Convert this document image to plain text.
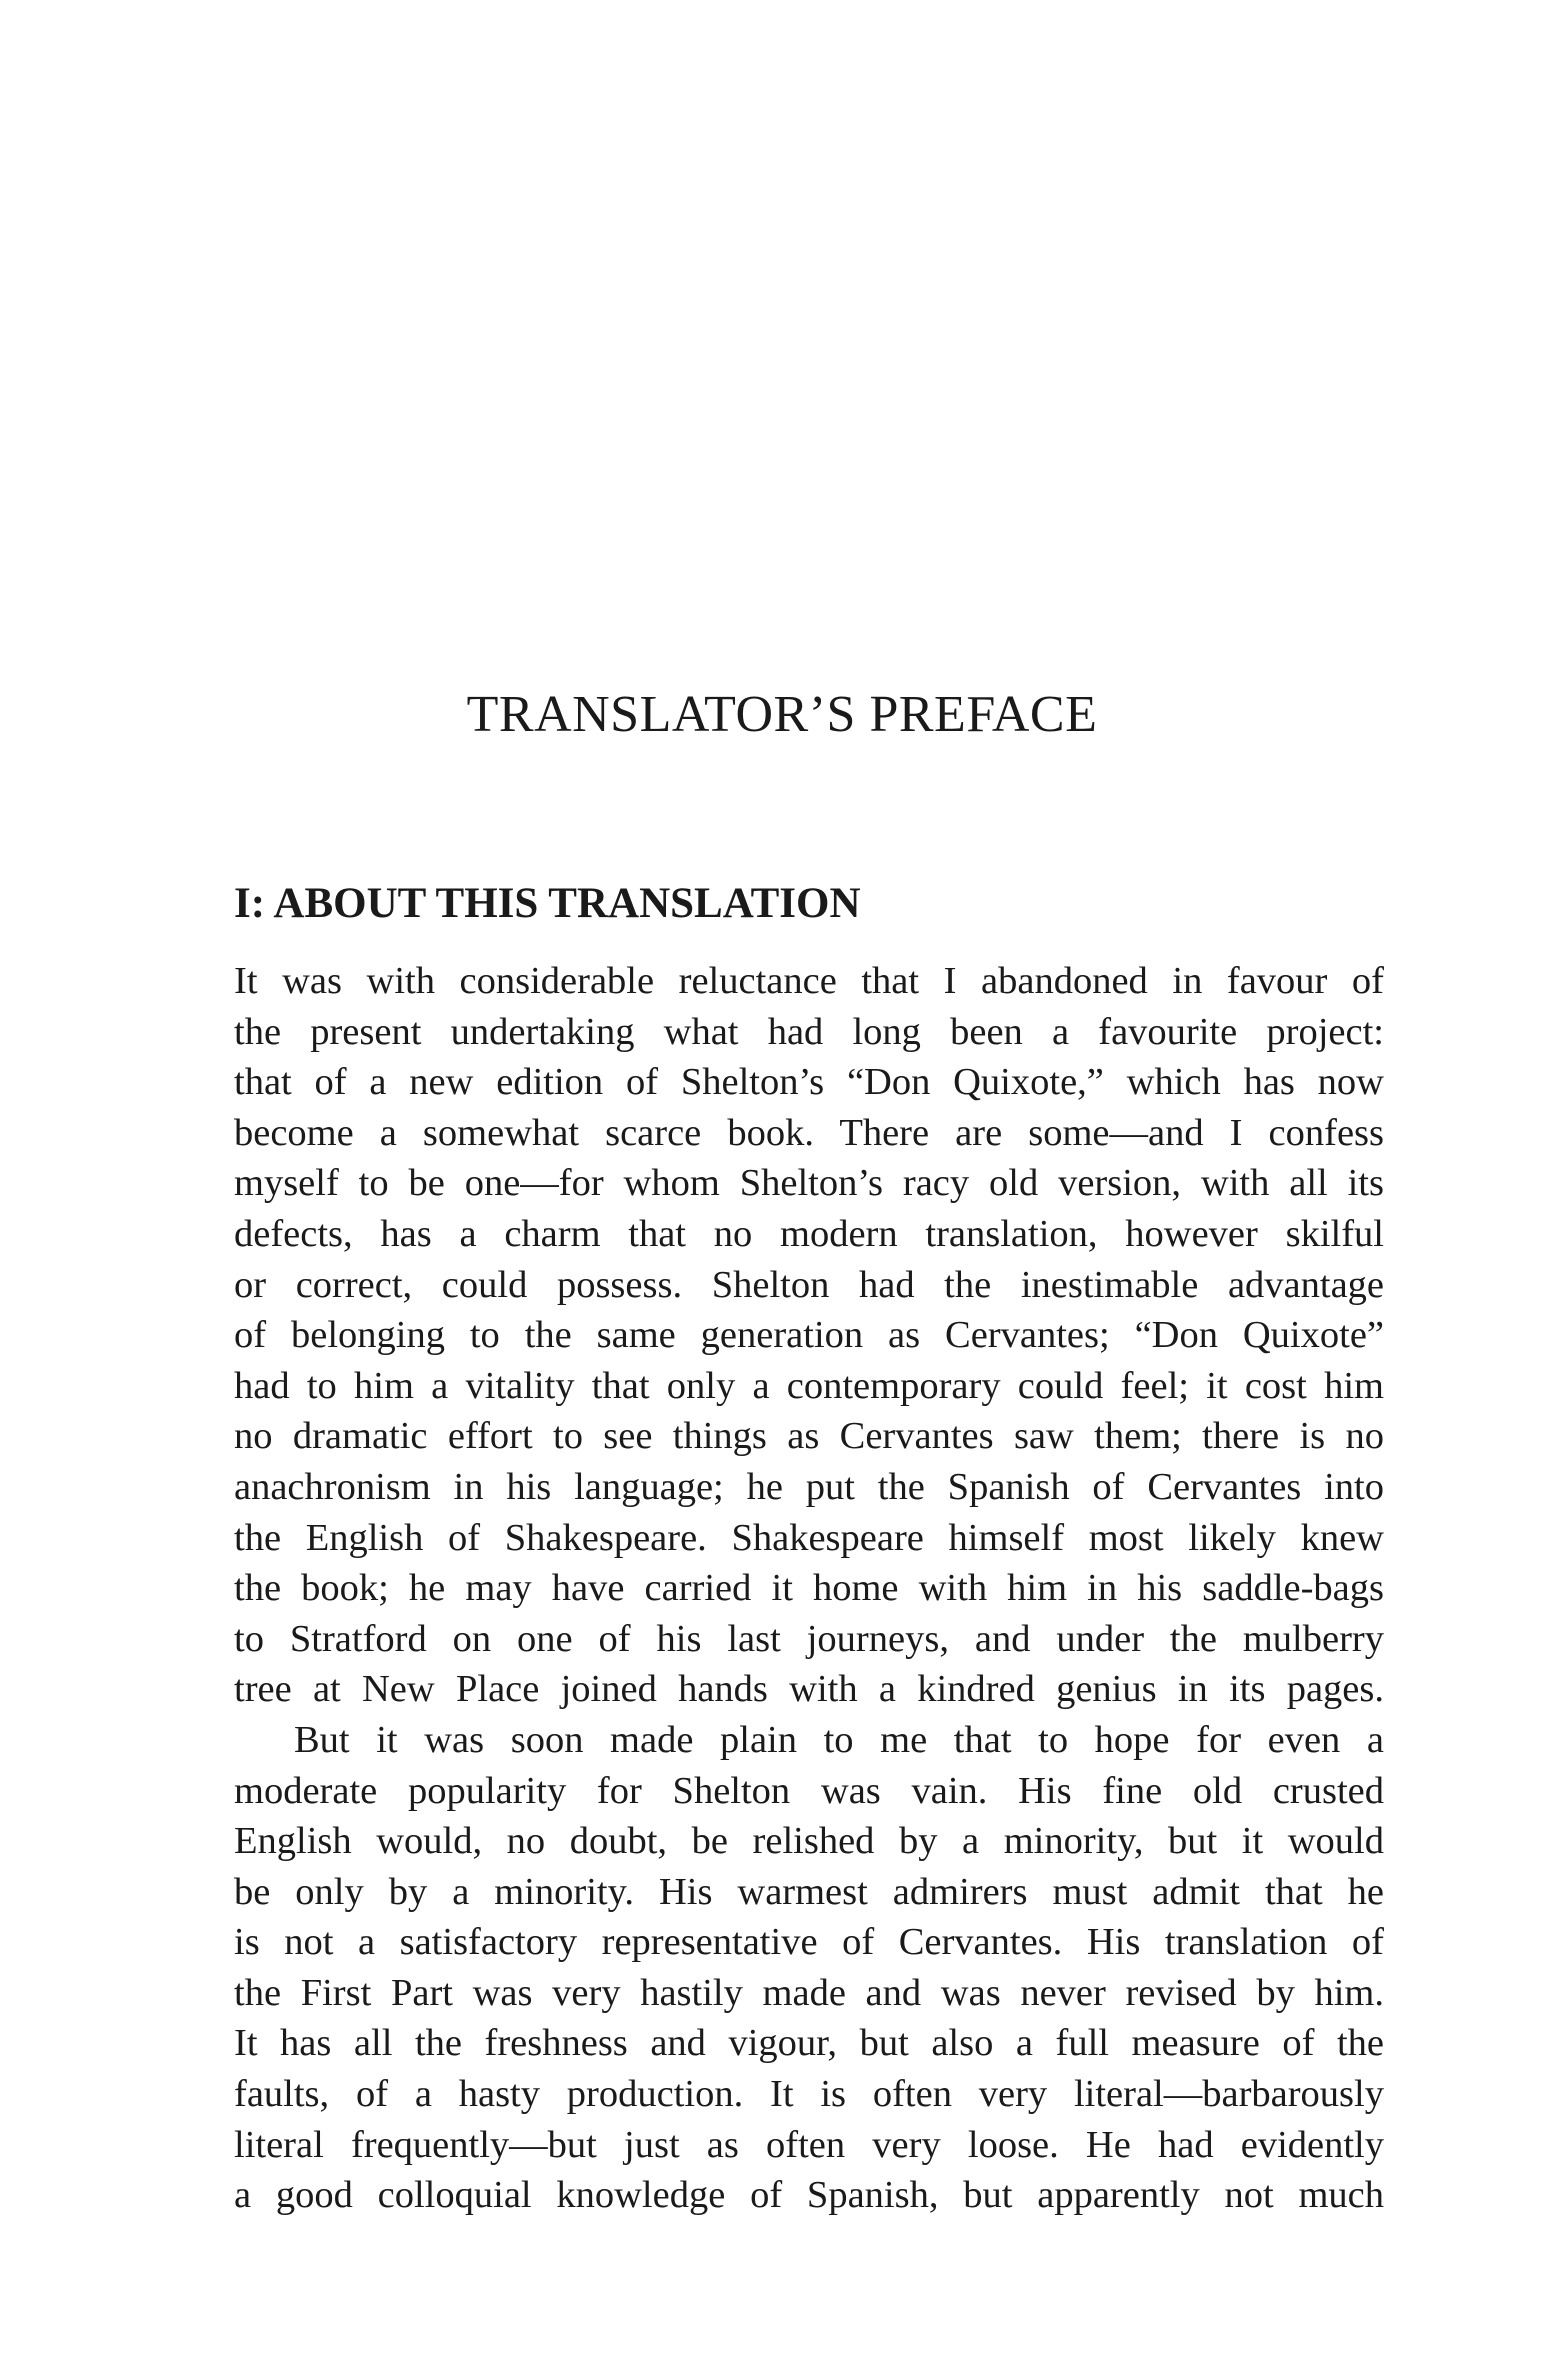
TRANSLATOR’S PREFACE
I: ABOUT THIS TRANSLATION
It was with considerable reluctance that I abandoned in favour of
the present undertaking what had long been a favourite project:
that of a new edition of Shelton’s “Don Quixote,” which has now
become a somewhat scarce book. There are some—and I confess
myself to be one—for whom Shelton’s racy old version, with all its
defects, has a charm that no modern translation, however skilful
or correct, could possess. Shelton had the inestimable advantage
of belonging to the same generation as Cervantes; “Don Quixote”
had to him a vitality that only a contemporary could feel; it cost him
no dramatic effort to see things as Cervantes saw them; there is no
anachronism in his language; he put the Spanish of Cervantes into
the English of Shakespeare. Shakespeare himself most likely knew
the book; he may have carried it home with him in his saddle-bags
to Stratford on one of his last journeys, and under the mulberry
tree at New Place joined hands with a kindred genius in its pages.
But it was soon made plain to me that to hope for even a
moderate popularity for Shelton was vain. His fine old crusted
English would, no doubt, be relished by a minority, but it would
be only by a minority. His warmest admirers must admit that he
is not a satisfactory representative of Cervantes. His translation of
the First Part was very hastily made and was never revised by him.
It has all the freshness and vigour, but also a full measure of the
faults, of a hasty production. It is often very literal—barbarously
literal frequently—but just as often very loose. He had evidently
a good colloquial knowledge of Spanish, but apparently not much
